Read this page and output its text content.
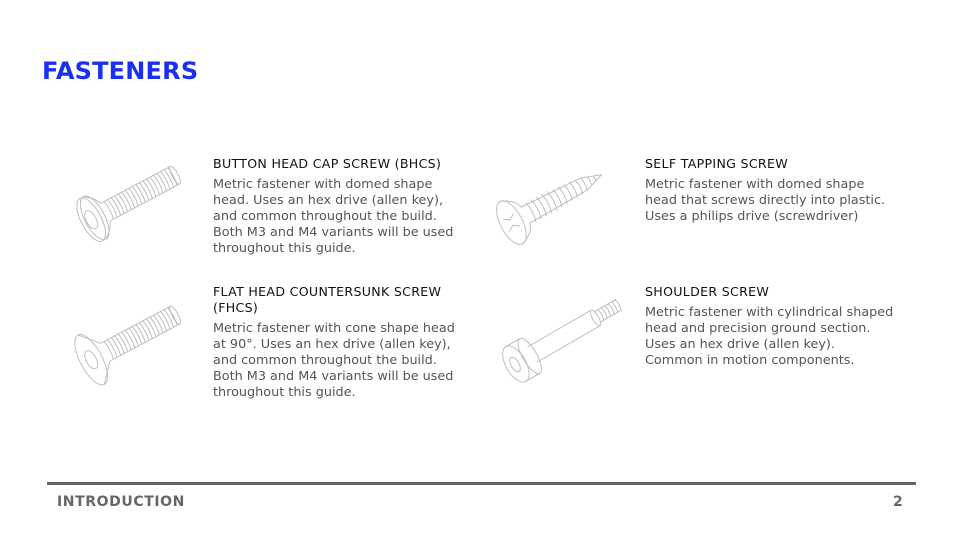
FASTENERS
BUTTON HEAD CAP SCREW (BHCS)

Metric fastener with domed shape head. Uses an hex drive (allen key), and common throughout the build. Both M3 and M4 variants will be used throughout this guide.

SELF TAPPING SCREW

Metric fastener with domed shape head that screws directly into plastic. Uses a philips drive (screwdriver)

FLAT HEAD COUNTERSUNK SCREW (FHCS)

Metric fastener with cone shape head at 90°. Uses an hex drive (allen key), and common throughout the build. Both M3 and M4 variants will be used throughout this guide.

SHOULDER SCREW

Metric fastener with cylindrical shaped head and precision ground section. Uses an hex drive (allen key). Common in motion components.

INTRODUCTION	2
